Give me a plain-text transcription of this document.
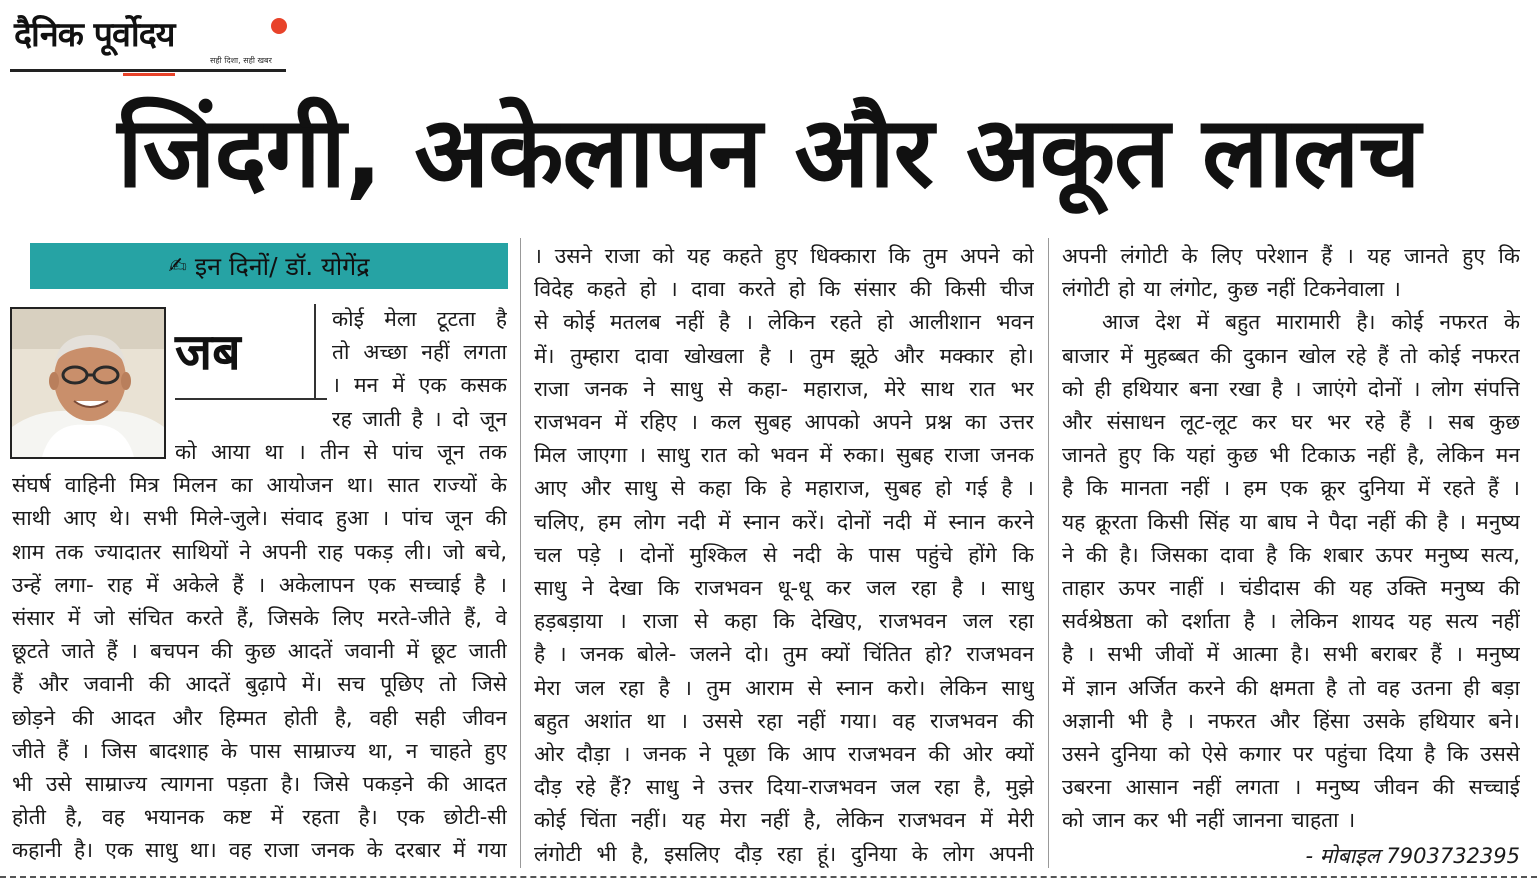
दैनिक पूर्वोदय
सही दिशा, सही खबर
जिंदगी, अकेलापन और अकूत लालच
✍ इन दिनों/ डॉ. योगेंद्र
जब
कोई मेला टूटता है
तो अच्छा नहीं लगता
। मन में एक कसक
रह जाती है । दो जून
को आया था । तीन से पांच जून तक
संघर्ष वाहिनी मित्र मिलन का आयोजन था। सात राज्यों के
साथी आए थे। सभी मिले-जुले। संवाद हुआ । पांच जून की
शाम तक ज्यादातर साथियों ने अपनी राह पकड़ ली। जो बचे,
उन्हें लगा- राह में अकेले हैं । अकेलापन एक सच्चाई है ।
संसार में जो संचित करते हैं, जिसके लिए मरते-जीते हैं, वे
छूटते जाते हैं । बचपन की कुछ आदतें जवानी में छूट जाती
हैं और जवानी की आदतें बुढ़ापे में। सच पूछिए तो जिसे
छोड़ने की आदत और हिम्मत होती है, वही सही जीवन
जीते हैं । जिस बादशाह के पास साम्राज्य था, न चाहते हुए
भी उसे साम्राज्य त्यागना पड़ता है। जिसे पकड़ने की आदत
होती है, वह भयानक कष्ट में रहता है। एक छोटी-सी
कहानी है। एक साधु था। वह राजा जनक के दरबार में गया
। उसने राजा को यह कहते हुए धिक्कारा कि तुम अपने को
विदेह कहते हो । दावा करते हो कि संसार की किसी चीज
से कोई मतलब नहीं है । लेकिन रहते हो आलीशान भवन
में। तुम्हारा दावा खोखला है । तुम झूठे और मक्कार हो।
राजा जनक ने साधु से कहा- महाराज, मेरे साथ रात भर
राजभवन में रहिए । कल सुबह आपको अपने प्रश्न का उत्तर
मिल जाएगा । साधु रात को भवन में रुका। सुबह राजा जनक
आए और साधु से कहा कि हे महाराज, सुबह हो गई है ।
चलिए, हम लोग नदी में स्नान करें। दोनों नदी में स्नान करने
चल पड़े । दोनों मुश्किल से नदी के पास पहुंचे होंगे कि
साधु ने देखा कि राजभवन धू-धू कर जल रहा है । साधु
हड़बड़ाया । राजा से कहा कि देखिए, राजभवन जल रहा
है । जनक बोले- जलने दो। तुम क्यों चिंतित हो? राजभवन
मेरा जल रहा है । तुम आराम से स्नान करो। लेकिन साधु
बहुत अशांत था । उससे रहा नहीं गया। वह राजभवन की
ओर दौड़ा । जनक ने पूछा कि आप राजभवन की ओर क्यों
दौड़ रहे हैं? साधु ने उत्तर दिया-राजभवन जल रहा है, मुझे
कोई चिंता नहीं। यह मेरा नहीं है, लेकिन राजभवन में मेरी
लंगोटी भी है, इसलिए दौड़ रहा हूं। दुनिया के लोग अपनी
अपनी लंगोटी के लिए परेशान हैं । यह जानते हुए कि
लंगोटी हो या लंगोट, कुछ नहीं टिकनेवाला ।
आज देश में बहुत मारामारी है। कोई नफरत के
बाजार में मुहब्बत की दुकान खोल रहे हैं तो कोई नफरत
को ही हथियार बना रखा है । जाएंगे दोनों । लोग संपत्ति
और संसाधन लूट-लूट कर घर भर रहे हैं । सब कुछ
जानते हुए कि यहां कुछ भी टिकाऊ नहीं है, लेकिन मन
है कि मानता नहीं । हम एक क्रूर दुनिया में रहते हैं ।
यह क्रूरता किसी सिंह या बाघ ने पैदा नहीं की है । मनुष्य
ने की है। जिसका दावा है कि शबार ऊपर मनुष्य सत्य,
ताहार ऊपर नाहीं । चंडीदास की यह उक्ति मनुष्य की
सर्वश्रेष्ठता को दर्शाता है । लेकिन शायद यह सत्य नहीं
है । सभी जीवों में आत्मा है। सभी बराबर हैं । मनुष्य
में ज्ञान अर्जित करने की क्षमता है तो वह उतना ही बड़ा
अज्ञानी भी है । नफरत और हिंसा उसके हथियार बने।
उसने दुनिया को ऐसे कगार पर पहुंचा दिया है कि उससे
उबरना आसान नहीं लगता । मनुष्य जीवन की सच्चाई
को जान कर भी नहीं जानना चाहता ।
- मोबाइल 7903732395
